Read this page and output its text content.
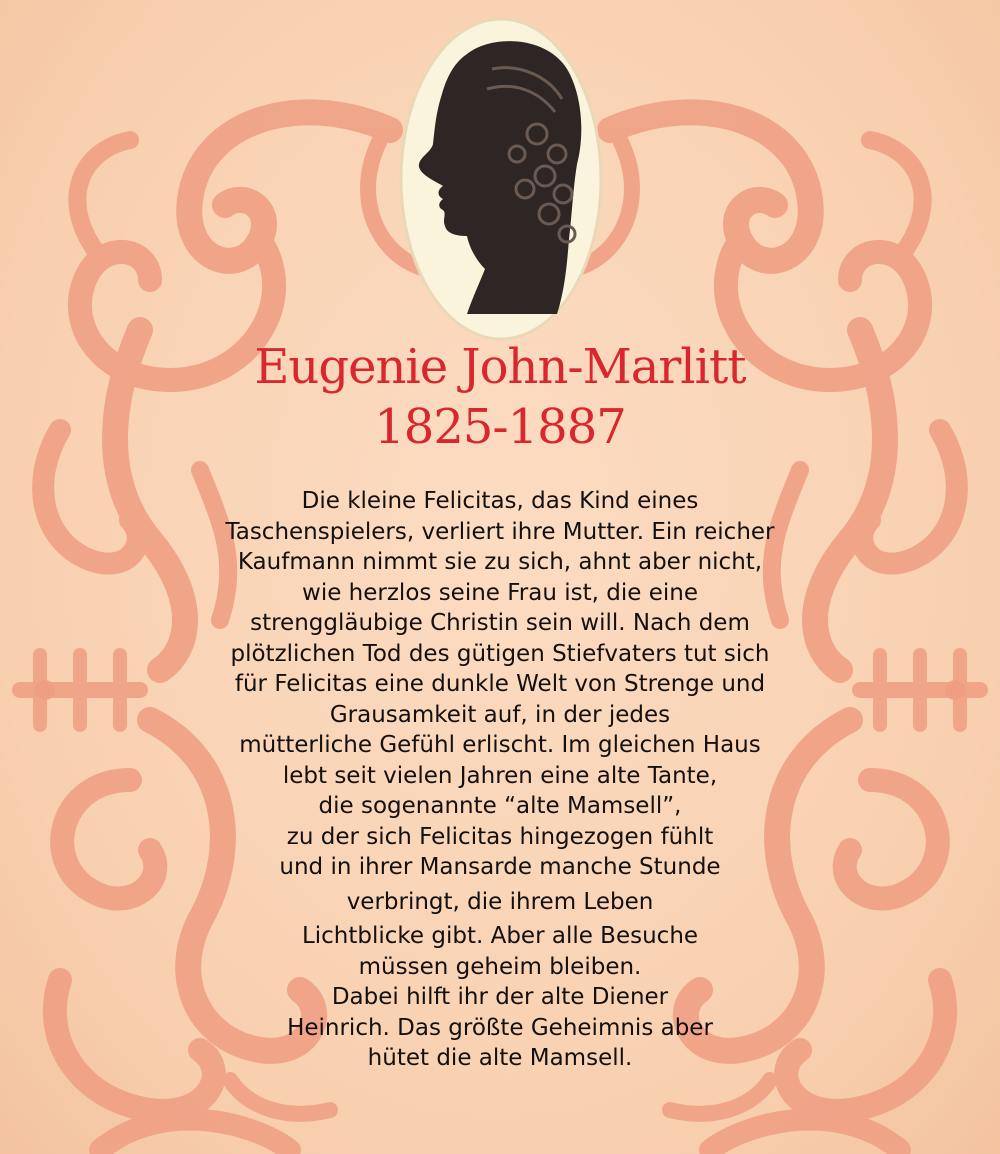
Eugenie John-Marlitt
1825-1887
Die kleine Felicitas, das Kind eines
Taschenspielers, verliert ihre Mutter. Ein reicher
Kaufmann nimmt sie zu sich, ahnt aber nicht,
wie herzlos seine Frau ist, die eine
strenggläubige Christin sein will. Nach dem
plötzlichen Tod des gütigen Stiefvaters tut sich
für Felicitas eine dunkle Welt von Strenge und
Grausamkeit auf, in der jedes
mütterliche Gefühl erlischt. Im gleichen Haus
lebt seit vielen Jahren eine alte Tante,
die sogenannte “alte Mamsell”,
zu der sich Felicitas hingezogen fühlt
und in ihrer Mansarde manche Stunde
verbringt, die ihrem Leben
Lichtblicke gibt. Aber alle Besuche
müssen geheim bleiben.
Dabei hilft ihr der alte Diener
Heinrich. Das größte Geheimnis aber
hütet die alte Mamsell.
